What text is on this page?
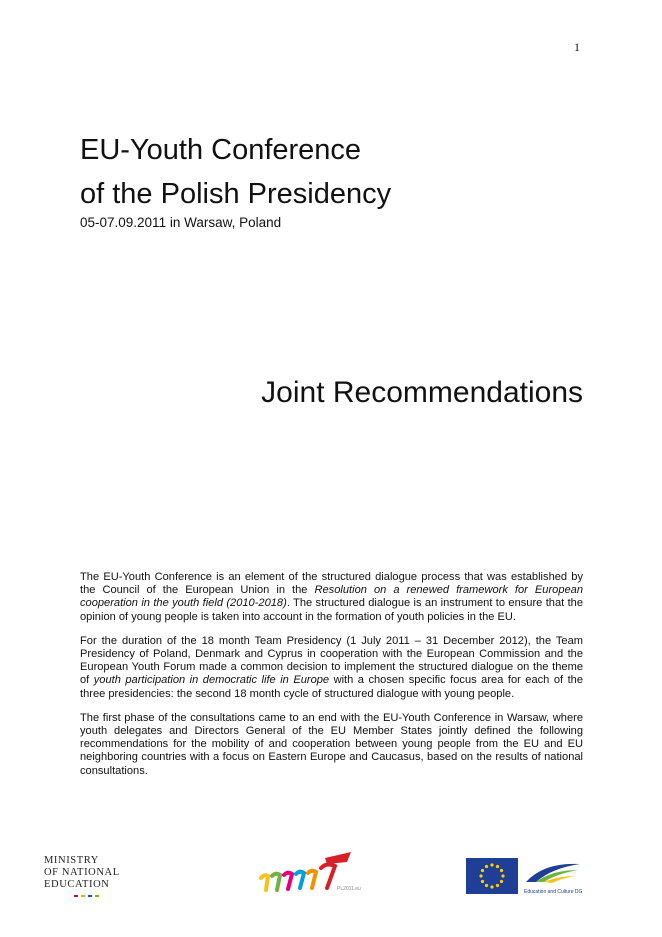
1
EU-Youth Conference
of the Polish Presidency
05-07.09.2011 in Warsaw, Poland
Joint Recommendations

The EU-Youth Conference is an element of the structured dialogue process that was established by the Council of the European Union in the Resolution on a renewed framework for European cooperation in the youth field (2010-2018). The structured dialogue is an instrument to ensure that the opinion of young people is taken into account in the formation of youth policies in the EU.

For the duration of the 18 month Team Presidency (1 July 2011 – 31 December 2012), the Team Presidency of Poland, Denmark and Cyprus in cooperation with the European Commission and the European Youth Forum made a common decision to implement the structured dialogue on the theme of youth participation in democratic life in Europe with a chosen specific focus area for each of the three presidencies: the second 18 month cycle of structured dialogue with young people.

The first phase of the consultations came to an end with the EU-Youth Conference in Warsaw, where youth delegates and Directors General of the EU Member States jointly defined the following recommendations for the mobility of and cooperation between young people from the EU and EU neighboring countries with a focus on Eastern Europe and Caucasus, based on the results of national consultations.

MINISTRY
OF NATIONAL
EDUCATION	PL2011.eu	Education and Culture DG
